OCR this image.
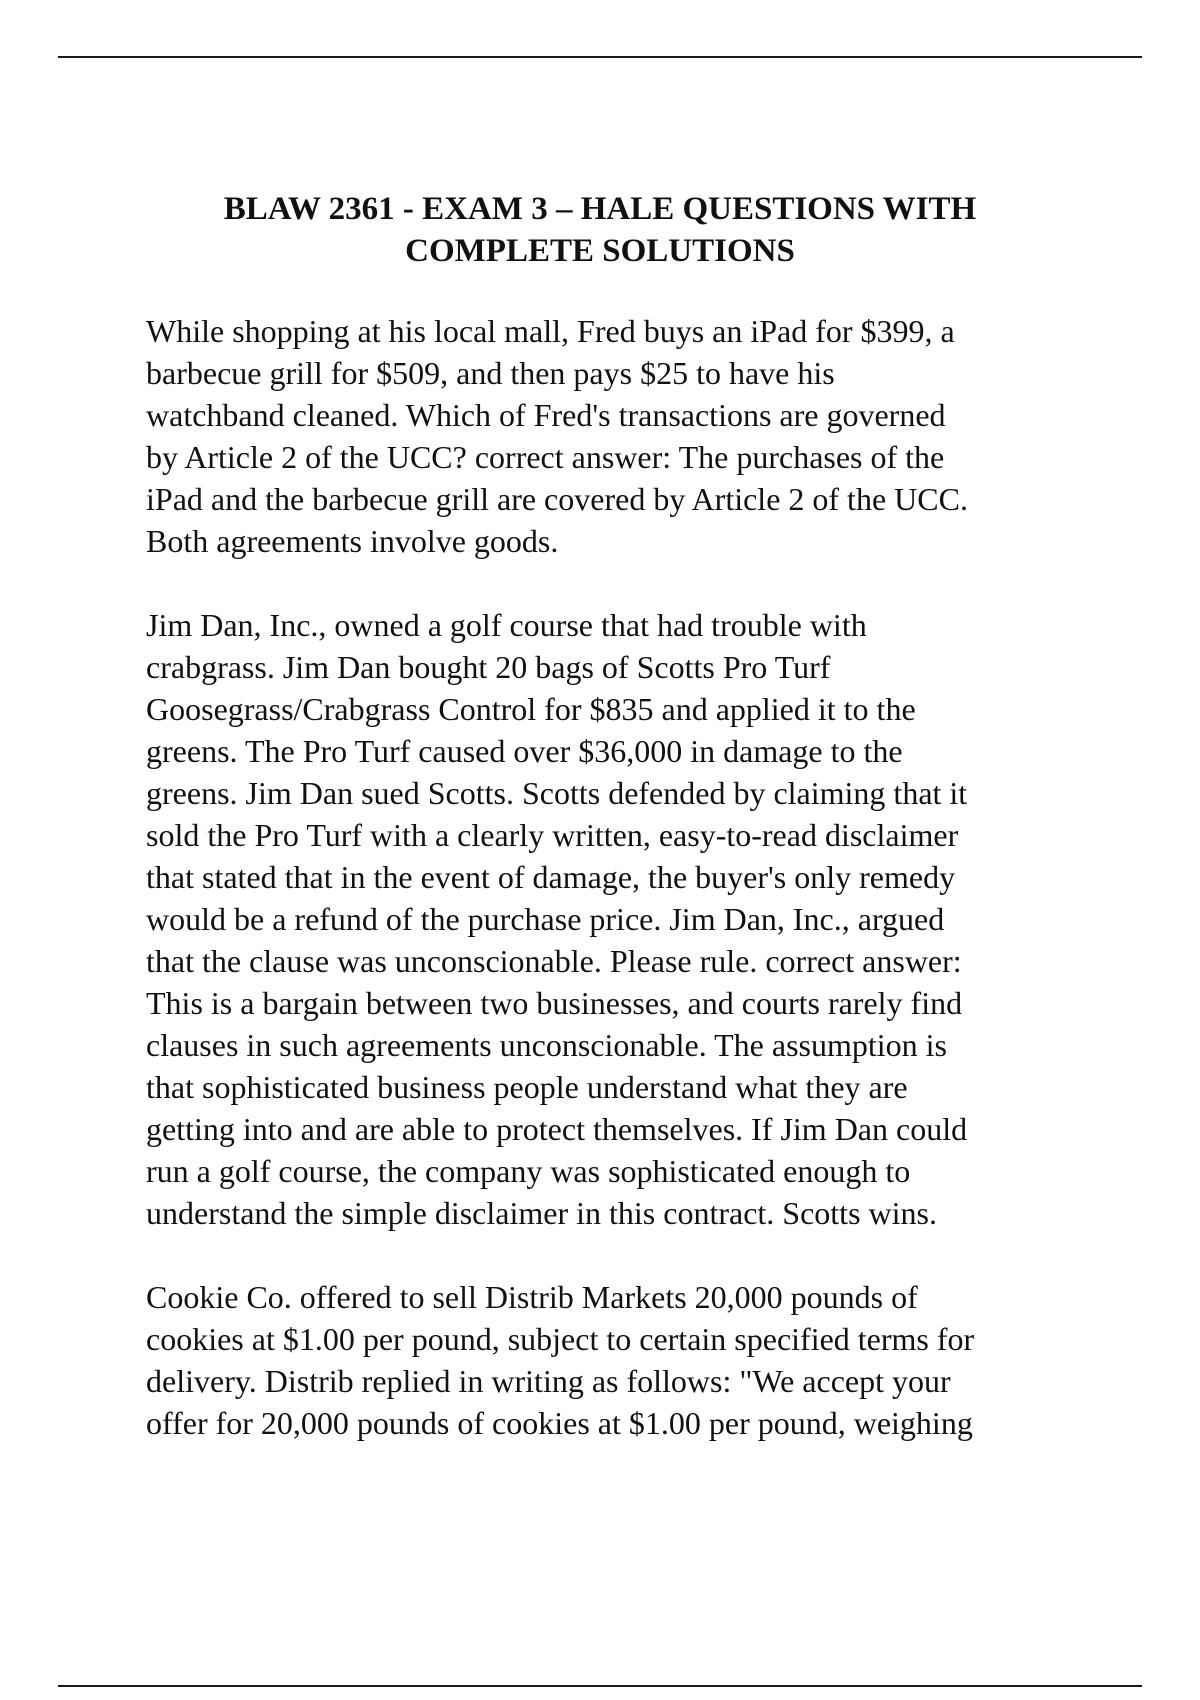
BLAW 2361 - EXAM 3 – HALE QUESTIONS WITH
COMPLETE SOLUTIONS
While shopping at his local mall, Fred buys an iPad for $399, a
barbecue grill for $509, and then pays $25 to have his
watchband cleaned. Which of Fred's transactions are governed
by Article 2 of the UCC? correct answer: The purchases of the
iPad and the barbecue grill are covered by Article 2 of the UCC.
Both agreements involve goods.
Jim Dan, Inc., owned a golf course that had trouble with
crabgrass. Jim Dan bought 20 bags of Scotts Pro Turf
Goosegrass/Crabgrass Control for $835 and applied it to the
greens. The Pro Turf caused over $36,000 in damage to the
greens. Jim Dan sued Scotts. Scotts defended by claiming that it
sold the Pro Turf with a clearly written, easy-to-read disclaimer
that stated that in the event of damage, the buyer's only remedy
would be a refund of the purchase price. Jim Dan, Inc., argued
that the clause was unconscionable. Please rule. correct answer:
This is a bargain between two businesses, and courts rarely find
clauses in such agreements unconscionable. The assumption is
that sophisticated business people understand what they are
getting into and are able to protect themselves. If Jim Dan could
run a golf course, the company was sophisticated enough to
understand the simple disclaimer in this contract. Scotts wins.
Cookie Co. offered to sell Distrib Markets 20,000 pounds of
cookies at $1.00 per pound, subject to certain specified terms for
delivery. Distrib replied in writing as follows: "We accept your
offer for 20,000 pounds of cookies at $1.00 per pound, weighing
